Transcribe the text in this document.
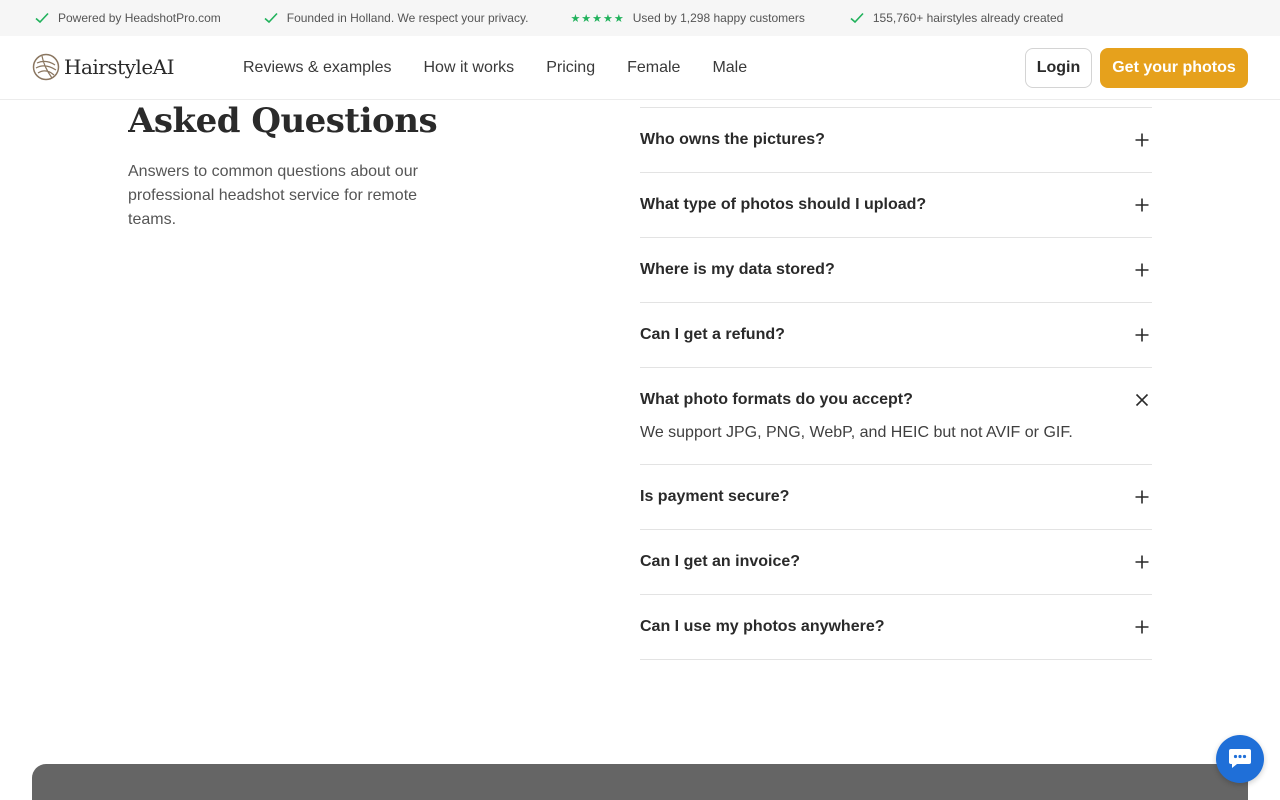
Powered by HeadshotPro.com	Founded in Holland. We respect your privacy.	★★★★★ Used by 1,298 happy customers	155,760+ hairstyles already created
HairstyleAI	Reviews & examples How it works Pricing Female Male	Login	Get your photos
Asked Questions

Answers to common questions about our professional headshot service for remote teams.

Who owns the pictures?
What type of photos should I upload?
Where is my data stored?
Can I get a refund?
What photo formats do you accept?

We support JPG, PNG, WebP, and HEIC but not AVIF or GIF.

Is payment secure?
Can I get an invoice?
Can I use my photos anywhere?
